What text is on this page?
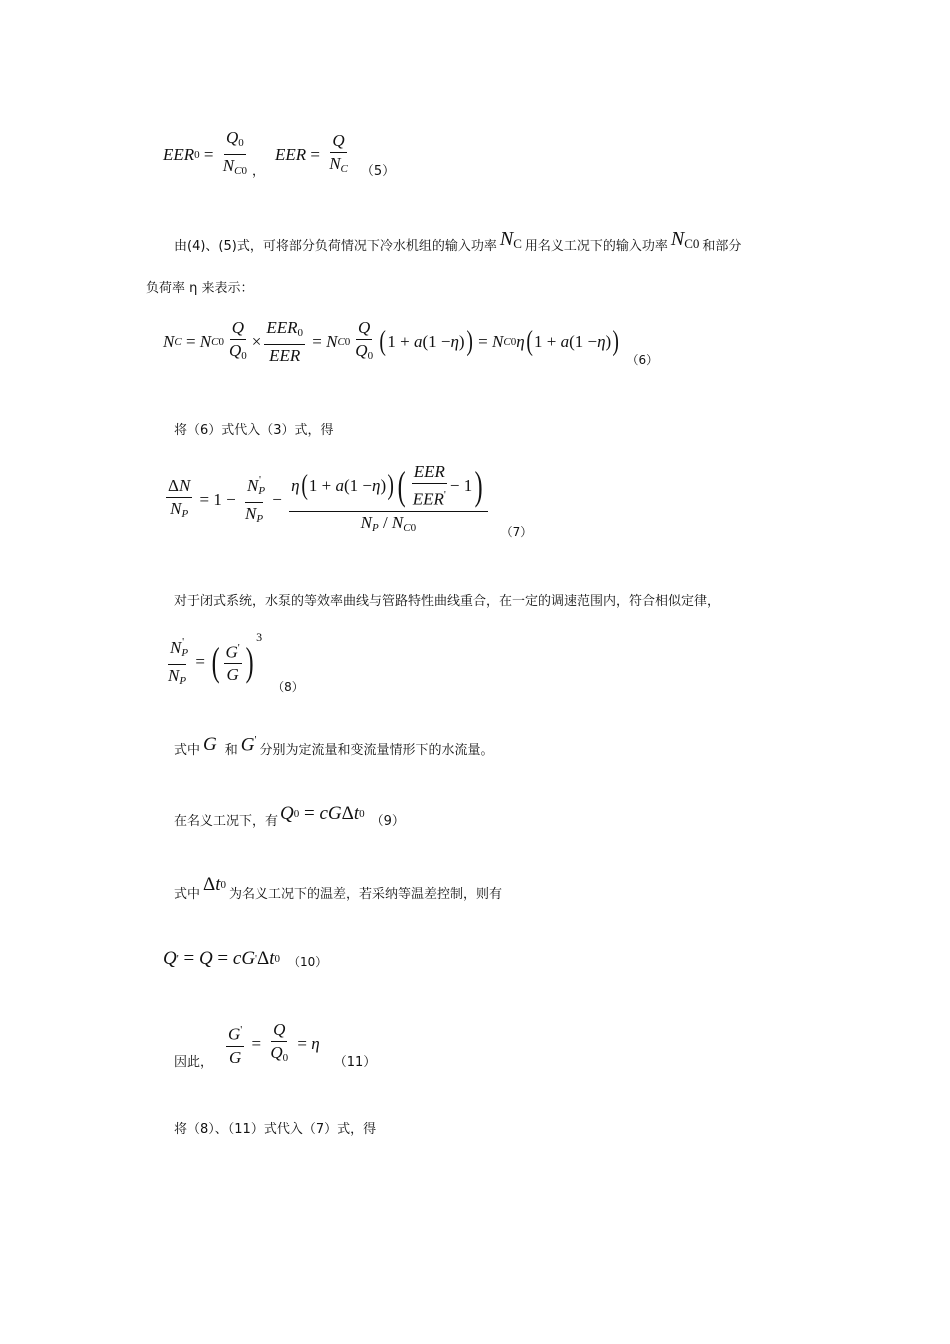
EER $0 = \frac{Q_0}{N_{C0}}$ ，
EER = $\frac{Q}{N_C} (5)$
由(4)、(5)式，可将部分负荷情况下冷水机组的输入功率 $N_C$ 用名义工况下的输入功率 $N_{C0}$ 和部分
负荷率 η 来表示：
N C = N $C0 \frac{Q}{Q_0} \times \frac{EER_0}{\text{EER}} = N$ $C0 \frac{Q}{Q_0}$ ( 1 + a (1 − η ) ) = N C0 η ( 1 + a (1 − η ) )
（6）
将（6）式代入（3）式，得
$\frac{\Delta N}{N_P} = 1 - \frac{N_P'}{N_P}$ −
η ( 1 + a (1 − η ) ) ( $\frac{\text{EER}}{EER'} - 1$ )
$N_P / N_{C0}$	（7）
对于闭式系统，水泵的等效率曲线与管路特性曲线重合，在一定的调速范围内，符合相似定律，
$\frac{N_P'}{N_P}$ = ( $\frac{G'}{G}$ )
$^3$
（8）
式中 G 和 G'
分别为定流量和变流量情形下的水流量。
在名义工况下，有 Q 0 = cG Δ t 0 （9）
式中 Δ t 0
为名义工况下的温差，若采纳等温差控制，则有
Q ' = Q = cG ' Δ t 0 （10）
因此， $\frac{G'}{G} = \frac{Q}{Q_0} = \eta$
（11）
将（8）、（11）式代入（7）式，得
